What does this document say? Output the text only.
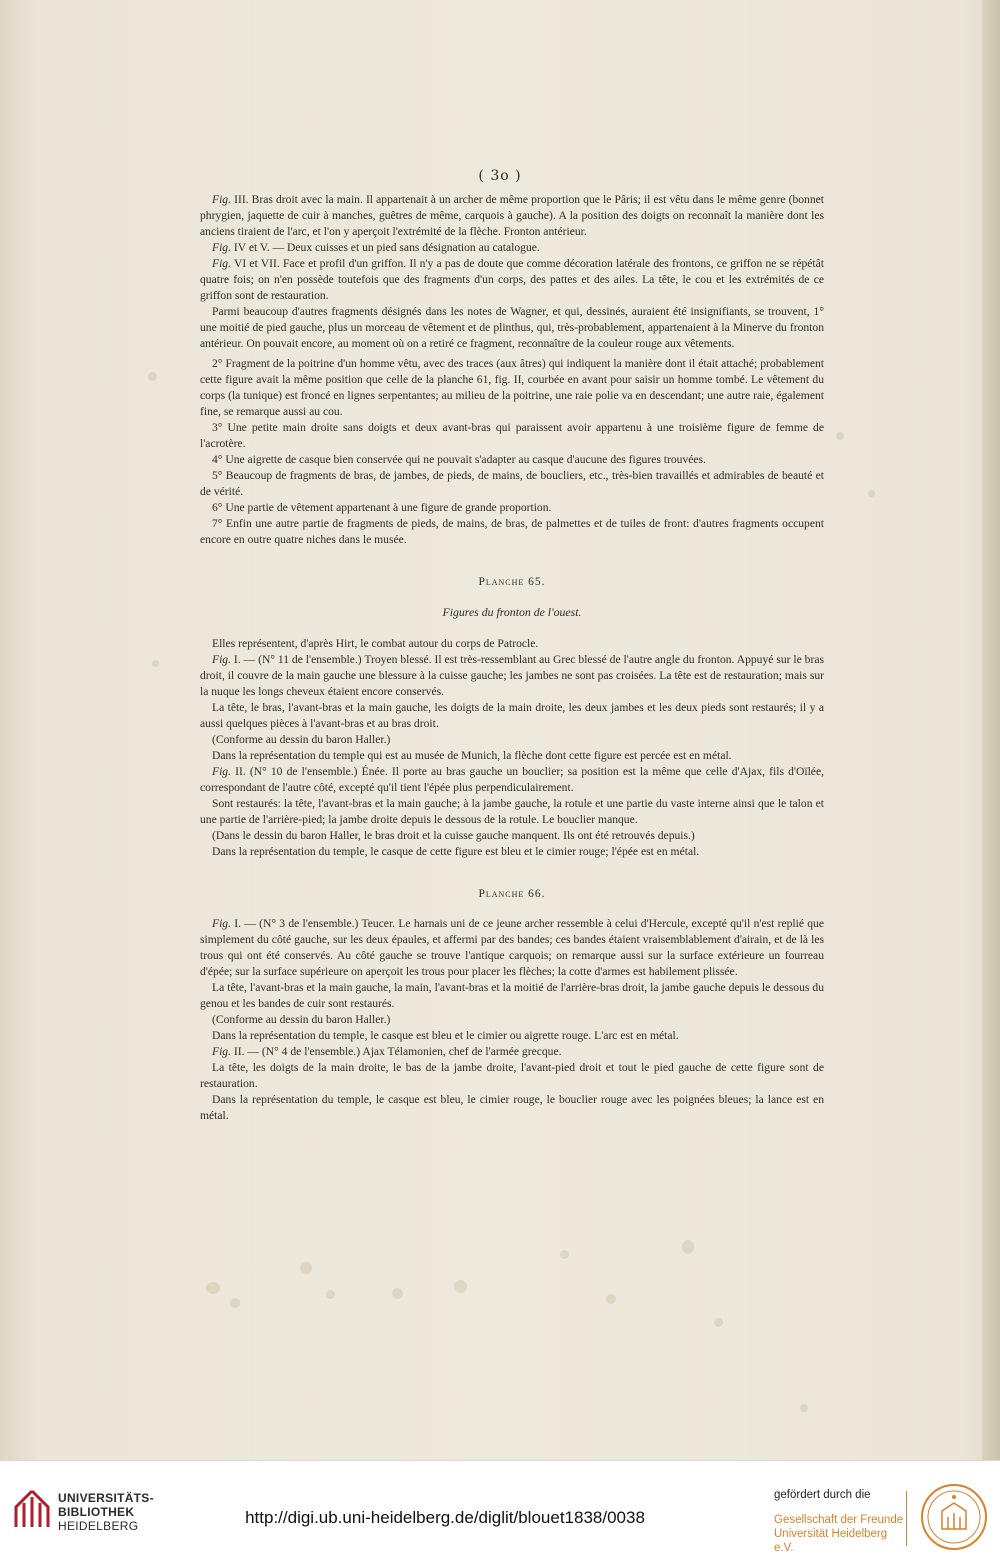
( 3o )

Fig. III. Bras droit avec la main. Il appartenait à un archer de même proportion que le Pâris; il est vêtu dans le même genre (bonnet phrygien, jaquette de cuir à manches, guêtres de même, carquois à gauche). A la position des doigts on reconnaît la manière dont les anciens tiraient de l'arc, et l'on y aperçoit l'extrémité de la flèche. Fronton antérieur.

Fig. IV et V. — Deux cuisses et un pied sans désignation au catalogue.

Fig. VI et VII. Face et profil d'un griffon. Il n'y a pas de doute que comme décoration latérale des frontons, ce griffon ne se répétât quatre fois; on n'en possède toutefois que des fragments d'un corps, des pattes et des ailes. La tête, le cou et les extrémités de ce griffon sont de restauration.

Parmi beaucoup d'autres fragments désignés dans les notes de Wagner, et qui, dessinés, auraient été insignifiants, se trouvent, 1° une moitié de pied gauche, plus un morceau de vêtement et de plinthus, qui, très-probablement, appartenaient à la Minerve du fronton antérieur. On pouvait encore, au moment où on a retiré ce fragment, reconnaître de la couleur rouge aux vêtements.

2° Fragment de la poitrine d'un homme vêtu, avec des traces (aux âtres) qui indiquent la manière dont il était attaché; probablement cette figure avait la même position que celle de la planche 61, fig. II, courbée en avant pour saisir un homme tombé. Le vêtement du corps (la tunique) est froncé en lignes serpentantes; au milieu de la poitrine, une raie polie va en descendant; une autre raie, également fine, se remarque aussi au cou.

3° Une petite main droite sans doigts et deux avant-bras qui paraissent avoir appartenu à une troisième figure de femme de l'acrotère.

4° Une aigrette de casque bien conservée qui ne pouvait s'adapter au casque d'aucune des figures trouvées.

5° Beaucoup de fragments de bras, de jambes, de pieds, de mains, de boucliers, etc., très-bien travaillés et admirables de beauté et de vérité.

6° Une partie de vêtement appartenant à une figure de grande proportion.

7° Enfin une autre partie de fragments de pieds, de mains, de bras, de palmettes et de tuiles de front: d'autres fragments occupent encore en outre quatre niches dans le musée.

Planche 65.
Figures du fronton de l'ouest.

Elles représentent, d'après Hirt, le combat autour du corps de Patrocle.

Fig. I. — (N° 11 de l'ensemble.) Troyen blessé. Il est très-ressemblant au Grec blessé de l'autre angle du fronton. Appuyé sur le bras droit, il couvre de la main gauche une blessure à la cuisse gauche; les jambes ne sont pas croisées. La tête est de restauration; mais sur la nuque les longs cheveux étaient encore conservés.

La tête, le bras, l'avant-bras et la main gauche, les doigts de la main droite, les deux jambes et les deux pieds sont restaurés; il y a aussi quelques pièces à l'avant-bras et au bras droit.

(Conforme au dessin du baron Haller.)

Dans la représentation du temple qui est au musée de Munich, la flèche dont cette figure est percée est en métal.

Fig. II. (N° 10 de l'ensemble.) Énée. Il porte au bras gauche un bouclier; sa position est la même que celle d'Ajax, fils d'Oïlée, correspondant de l'autre côté, excepté qu'il tient l'épée plus perpendiculairement.

Sont restaurés: la tête, l'avant-bras et la main gauche; à la jambe gauche, la rotule et une partie du vaste interne ainsi que le talon et une partie de l'arrière-pied; la jambe droite depuis le dessous de la rotule. Le bouclier manque.

(Dans le dessin du baron Haller, le bras droit et la cuisse gauche manquent. Ils ont été retrouvés depuis.)

Dans la représentation du temple, le casque de cette figure est bleu et le cimier rouge; l'épée est en métal.

Planche 66.

Fig. I. — (N° 3 de l'ensemble.) Teucer. Le harnais uni de ce jeune archer ressemble à celui d'Hercule, excepté qu'il n'est replié que simplement du côté gauche, sur les deux épaules, et affermi par des bandes; ces bandes étaient vraisemblablement d'airain, et de là les trous qui ont été conservés. Au côté gauche se trouve l'antique carquois; on remarque aussi sur la surface extérieure un fourreau d'épée; sur la surface supérieure on aperçoit les trous pour placer les flèches; la cotte d'armes est habilement plissée.

La tête, l'avant-bras et la main gauche, la main, l'avant-bras et la moitié de l'arrière-bras droit, la jambe gauche depuis le dessous du genou et les bandes de cuir sont restaurés.

(Conforme au dessin du baron Haller.)

Dans la représentation du temple, le casque est bleu et le cimier ou aigrette rouge. L'arc est en métal.

Fig. II. — (N° 4 de l'ensemble.) Ajax Télamonien, chef de l'armée grecque.

La tête, les doigts de la main droite, le bas de la jambe droite, l'avant-pied droit et tout le pied gauche de cette figure sont de restauration.

Dans la représentation du temple, le casque est bleu, le cimier rouge, le bouclier rouge avec les poignées bleues; la lance est en métal.

UNIVERSITÄTS-
BIBLIOTHEK
HEIDELBERG	http://digi.ub.uni-heidelberg.de/diglit/blouet1838/0038
gefördert durch die
Gesellschaft der Freunde
Universität Heidelberg e.V.
